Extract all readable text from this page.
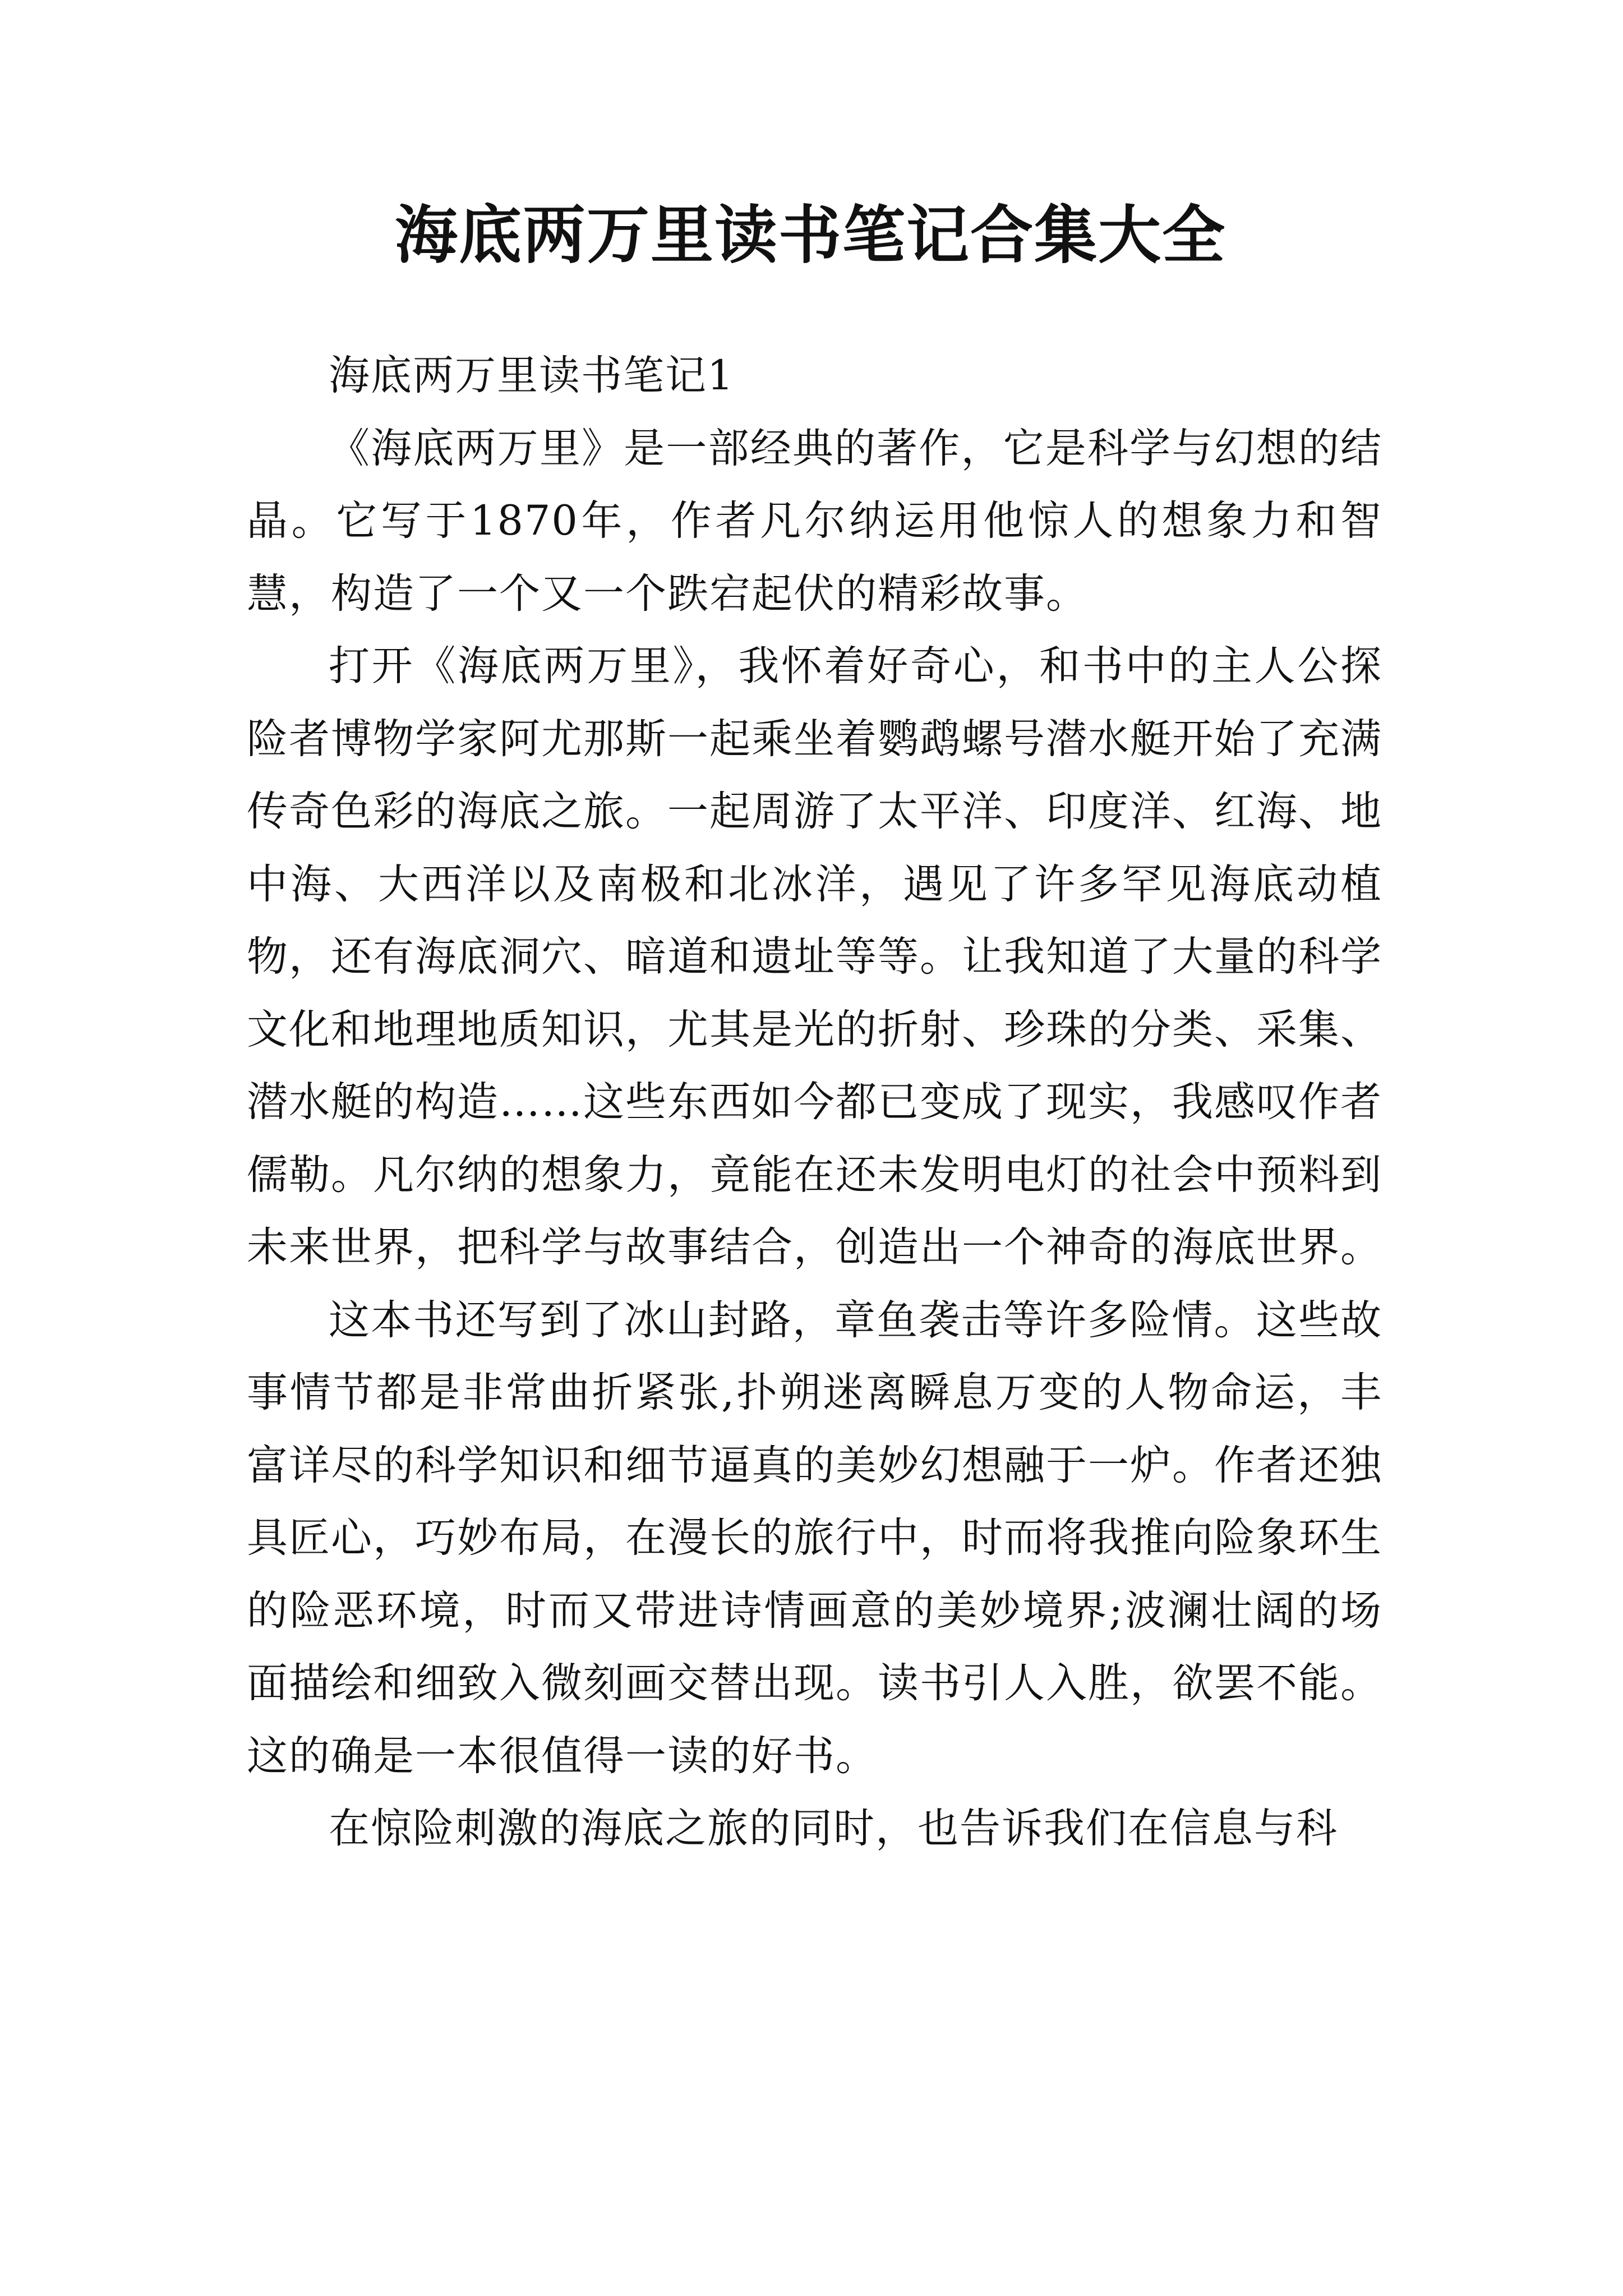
海底两万里读书笔记合集大全

海底两万里读书笔记1

《海底两万里》是一部经典的著作，它是科学与幻想的结晶。它写于1870年，作者凡尔纳运用他惊人的想象力和智慧，构造了一个又一个跌宕起伏的精彩故事。

打开《海底两万里》，我怀着好奇心，和书中的主人公探险者博物学家阿尤那斯一起乘坐着鹦鹉螺号潜水艇开始了充满传奇色彩的海底之旅。一起周游了太平洋、印度洋、红海、地中海、大西洋以及南极和北冰洋，遇见了许多罕见海底动植物，还有海底洞穴、暗道和遗址等等。让我知道了大量的科学文化和地理地质知识，尤其是光的折射、珍珠的分类、采集、潜水艇的构造……这些东西如今都已变成了现实，我感叹作者儒勒。凡尔纳的想象力，竟能在还未发明电灯的社会中预料到未来世界，把科学与故事结合，创造出一个神奇的海底世界。

这本书还写到了冰山封路，章鱼袭击等许多险情。这些故事情节都是非常曲折紧张,扑朔迷离瞬息万变的人物命运，丰富详尽的科学知识和细节逼真的美妙幻想融于一炉。作者还独具匠心，巧妙布局，在漫长的旅行中，时而将我推向险象环生的险恶环境，时而又带进诗情画意的美妙境界;波澜壮阔的场面描绘和细致入微刻画交替出现。读书引人入胜，欲罢不能。这的确是一本很值得一读的好书。

在惊险刺激的海底之旅的同时，也告诉我们在信息与科
